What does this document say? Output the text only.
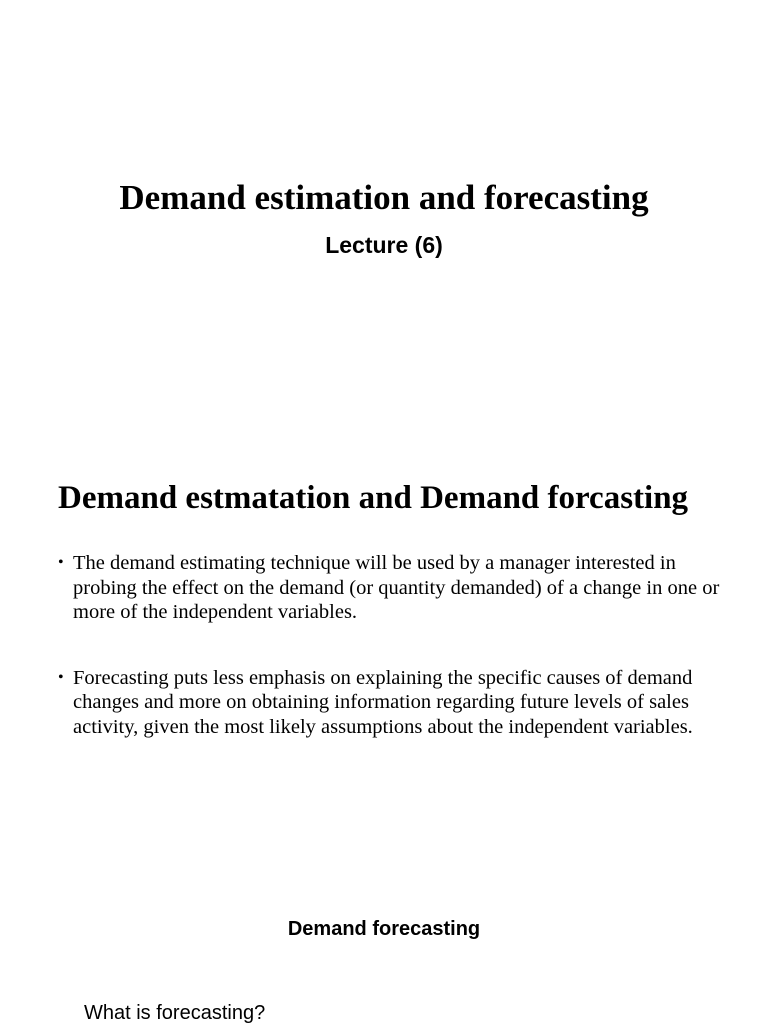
Demand estimation and forecasting
Lecture (6)
Demand estmatation and Demand forcasting
• The demand estimating technique will be used by a manager interested in probing the effect on the demand (or quantity demanded) of a change in one or more of the independent variables.
• Forecasting puts less emphasis on explaining the specific causes of demand changes and more on obtaining information regarding future levels of sales activity, given the most likely assumptions about the independent variables.
Demand forecasting

What is forecasting?
